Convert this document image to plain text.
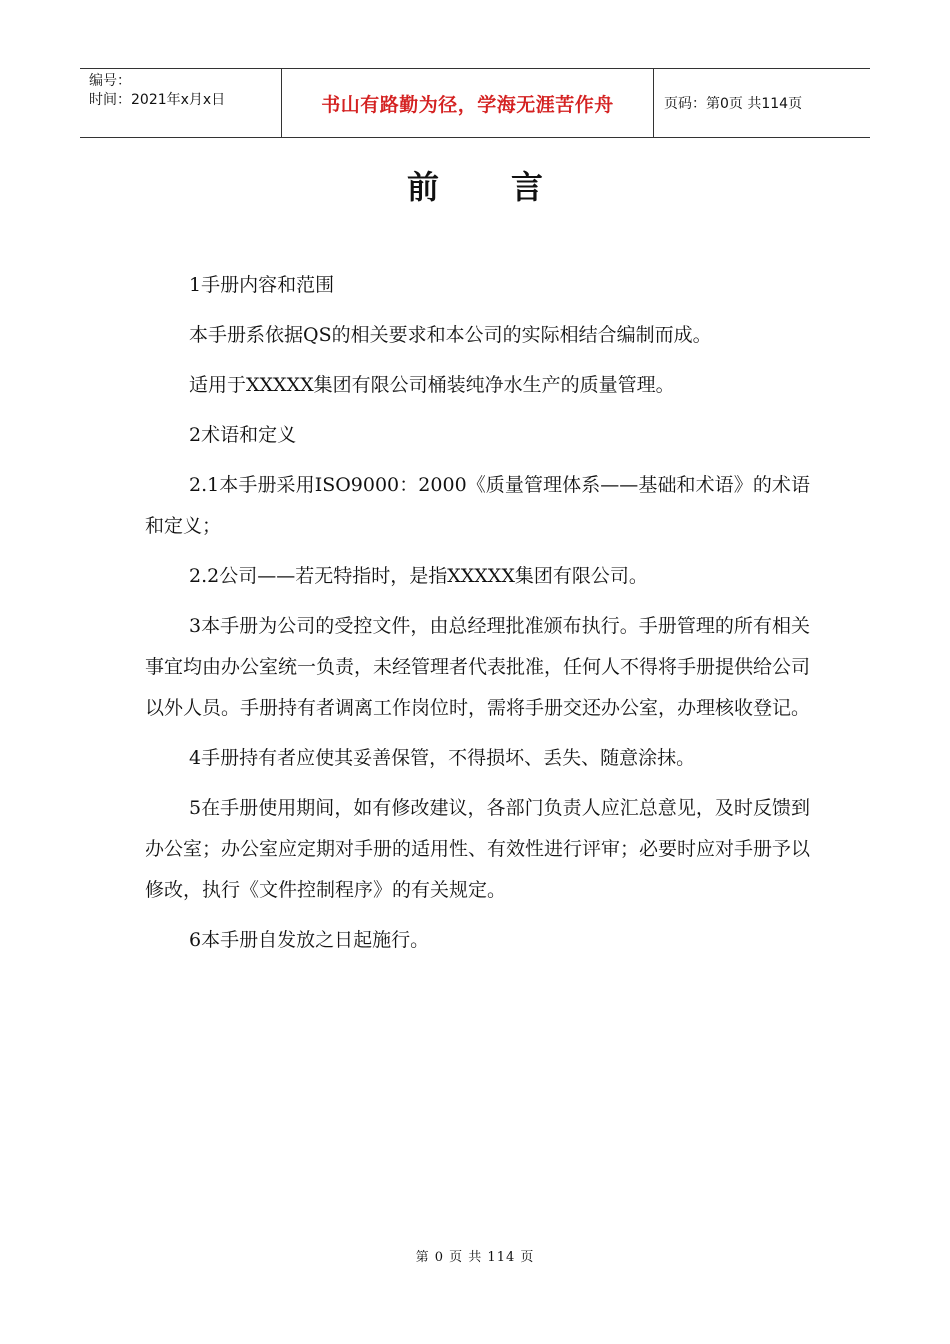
编号：
时间：2021年x月x日	书山有路勤为径，学海无涯苦作舟	页码：第0页 共114页
前言

1手册内容和范围

本手册系依据QS的相关要求和本公司的实际相结合编制而成。

适用于XXXXX集团有限公司桶装纯净水生产的质量管理。

2术语和定义

2.1本手册采用ISO9000：2000《质量管理体系——基础和术语》的术语和定义；

2.2公司——若无特指时，是指XXXXX集团有限公司。

3本手册为公司的受控文件，由总经理批准颁布执行。手册管理的所有相关事宜均由办公室统一负责，未经管理者代表批准，任何人不得将手册提供给公司以外人员。手册持有者调离工作岗位时，需将手册交还办公室，办理核收登记。

4手册持有者应使其妥善保管，不得损坏、丢失、随意涂抹。

5在手册使用期间，如有修改建议，各部门负责人应汇总意见，及时反馈到办公室；办公室应定期对手册的适用性、有效性进行评审；必要时应对手册予以修改，执行《文件控制程序》的有关规定。

6本手册自发放之日起施行。

第 0 页 共 114 页
